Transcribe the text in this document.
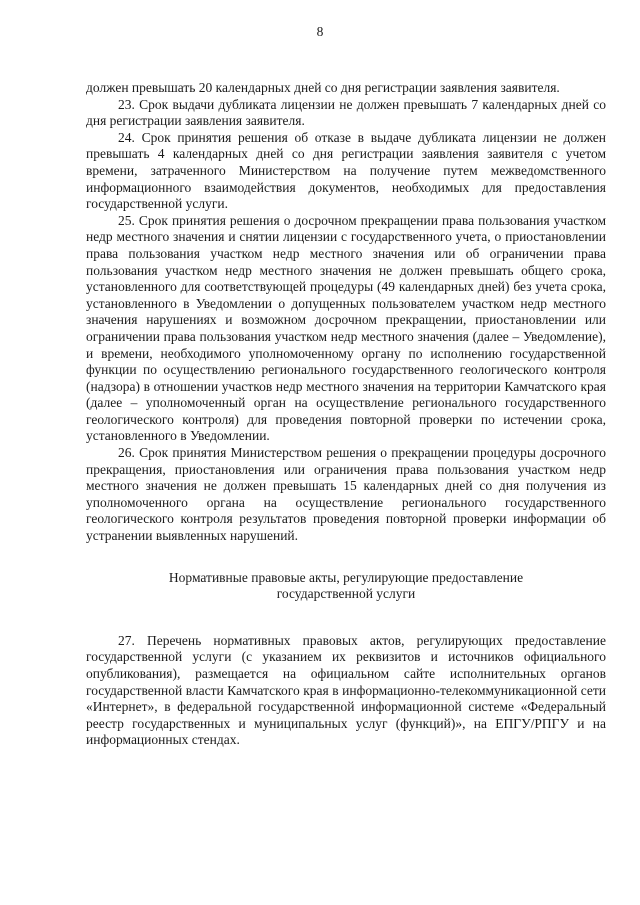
8

должен превышать 20 календарных дней со дня регистрации заявления заявителя.

23. Срок выдачи дубликата лицензии не должен превышать 7 календарных дней со дня регистрации заявления заявителя.

24. Срок принятия решения об отказе в выдаче дубликата лицензии не должен превышать 4 календарных дней со дня регистрации заявления заявителя с учетом времени, затраченного Министерством на получение путем межведомственного информационного взаимодействия документов, необходимых для предоставления государственной услуги.

25. Срок принятия решения о досрочном прекращении права пользования участком недр местного значения и снятии лицензии с государственного учета, о приостановлении права пользования участком недр местного значения или об ограничении права пользования участком недр местного значения не должен превышать общего срока, установленного для соответствующей процедуры (49 календарных дней) без учета срока, установленного в Уведомлении о допущенных пользователем участком недр местного значения нарушениях и возможном досрочном прекращении, приостановлении или ограничении права пользования участком недр местного значения (далее – Уведомление), и времени, необходимого уполномоченному органу по исполнению государственной функции по осуществлению регионального государственного геологического контроля (надзора) в отношении участков недр местного значения на территории Камчатского края (далее – уполномоченный орган на осуществление регионального государственного геологического контроля) для проведения повторной проверки по истечении срока, установленного в Уведомлении.

26. Срок принятия Министерством решения о прекращении процедуры досрочного прекращения, приостановления или ограничения права пользования участком недр местного значения не должен превышать 15 календарных дней со дня получения из уполномоченного органа на осуществление регионального государственного геологического контроля результатов проведения повторной проверки информации об устранении выявленных нарушений.

Нормативные правовые акты, регулирующие предоставление
государственной услуги

27. Перечень нормативных правовых актов, регулирующих предоставление государственной услуги (с указанием их реквизитов и источников официального опубликования), размещается на официальном сайте исполнительных органов государственной власти Камчатского края в информационно-телекоммуникационной сети «Интернет», в федеральной государственной информационной системе «Федеральный реестр государственных и муниципальных услуг (функций)», на ЕПГУ/РПГУ и на информационных стендах.
